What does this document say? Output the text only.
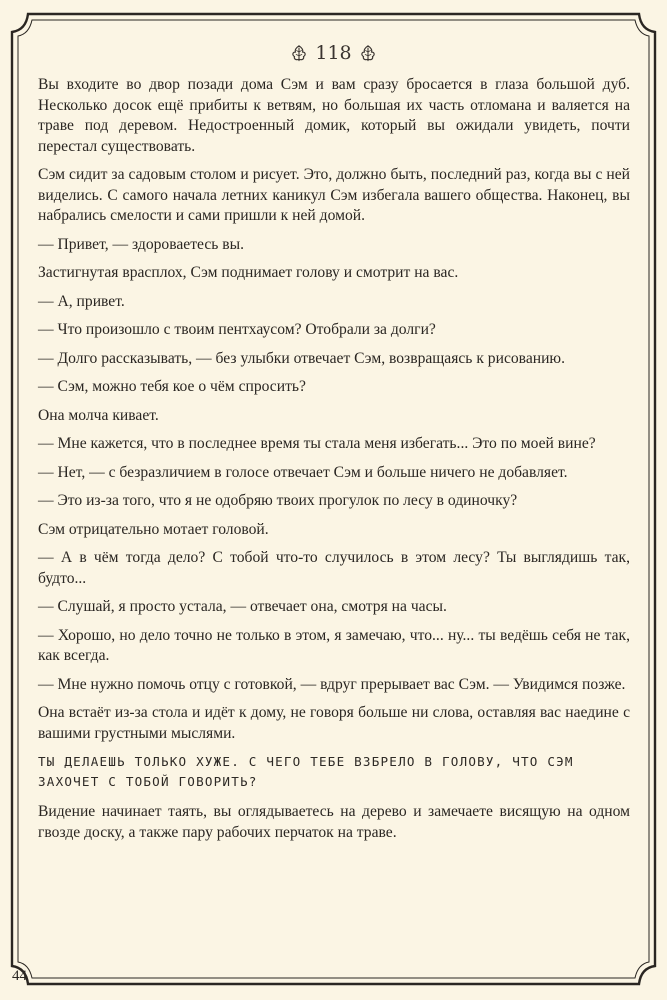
118

Вы входите во двор позади дома Сэм и вам сразу бросается в глаза большой дуб. Несколько досок ещё прибиты к ветвям, но большая их часть отломана и валяется на траве под деревом. Недостроенный домик, который вы ожидали увидеть, почти перестал существовать.

Сэм сидит за садовым столом и рисует. Это, должно быть, последний раз, когда вы с ней виделись. С самого начала летних каникул Сэм избегала вашего общества. Наконец, вы набрались смелости и сами пришли к ней домой.

— Привет, — здороваетесь вы.

Застигнутая врасплох, Сэм поднимает голову и смотрит на вас.

— А, привет.

— Что произошло с твоим пентхаусом? Отобрали за долги?

— Долго рассказывать, — без улыбки отвечает Сэм, возвращаясь к рисованию.

— Сэм, можно тебя кое о чём спросить?

Она молча кивает.

— Мне кажется, что в последнее время ты стала меня избегать... Это по моей вине?

— Нет, — с безразличием в голосе отвечает Сэм и больше ничего не добавляет.

— Это из-за того, что я не одобряю твоих прогулок по лесу в одиночку?

Сэм отрицательно мотает головой.

— А в чём тогда дело? С тобой что-то случилось в этом лесу? Ты выглядишь так, будто...

— Слушай, я просто устала, — отвечает она, смотря на часы.

— Хорошо, но дело точно не только в этом, я замечаю, что... ну... ты ведёшь себя не так, как всегда.

— Мне нужно помочь отцу с готовкой, — вдруг прерывает вас Сэм. — Увидимся позже.

Она встаёт из-за стола и идёт к дому, не говоря больше ни слова, оставляя вас наедине с вашими грустными мыслями.

ТЫ ДЕЛАЕШЬ ТОЛЬКО ХУЖЕ. С ЧЕГО ТЕБЕ ВЗБРЕЛО В ГОЛОВУ, ЧТО СЭМ ЗАХОЧЕТ С ТОБОЙ ГОВОРИТЬ?

Видение начинает таять, вы оглядываетесь на дерево и замечаете висящую на одном гвозде доску, а также пару рабочих перчаток на траве.

44
